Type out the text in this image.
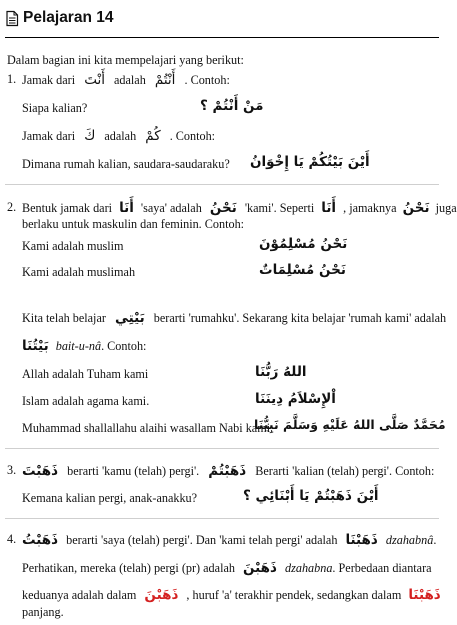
Pelajaran 14
Dalam bagian ini kita mempelajari yang berikut:
1. Jamak dari أَنْتَ adalah أَنْتُمْ . Contoh:
Siapa kalian?	مَنْ أَنْتُمْ ؟
Jamak dari كَ adalah كُمْ . Contoh:
Dimana rumah kalian, saudara-saudaraku? أَيْنَ بَيْتُكُمْ يَا إِخْوَانُ
2. Bentuk jamak dari أَنَا 'saya' adalah نَحْنُ 'kami'. Seperti أَنَا , jamaknya نَحْنُ juga
berlaku untuk maskulin dan feminin. Contoh:
Kami adalah muslim	نَحْنُ مُسْلِمُوْنَ
Kami adalah muslimah	نَحْنُ مُسْلِمَاتٌ
Kita telah belajar بَيْتِي berarti 'rumahku'. Sekarang kita belajar 'rumah kami' adalah
بَيْتُنَا bait-u-nâ. Contoh:
Allah adalah Tuham kami	اللهُ رَبُّنَا
Islam adalah agama kami.	اْلإِسْلاَمُ دِينَنَا
Muhammad shallallahu alaihi wasallam Nabi kami.
مُحَمَّدٌ صَلَّى اللهُ عَلَيْهِ وَسَلَّمَ نَبِيُّنَا
3. ذَهَبْتَ berarti 'kamu (telah) pergi'. ذَهَبْتُمْ Berarti 'kalian (telah) pergi'. Contoh:
Kemana kalian pergi, anak-anakku?	أَيْنَ ذَهَبْتُمْ يَا أَبْنَائِي ؟
4. ذَهَبْتُ berarti 'saya (telah) pergi'. Dan 'kami telah pergi' adalah ذَهَبْنَا dzahabnâ.
Perhatikan, mereka (telah) pergi (pr) adalah ذَهَبْنَ dzahabna. Perbedaan diantara
keduanya adalah dalam ذَهَبْنَ , huruf 'a' terakhir pendek, sedangkan dalam ذَهَبْنَا
panjang.
